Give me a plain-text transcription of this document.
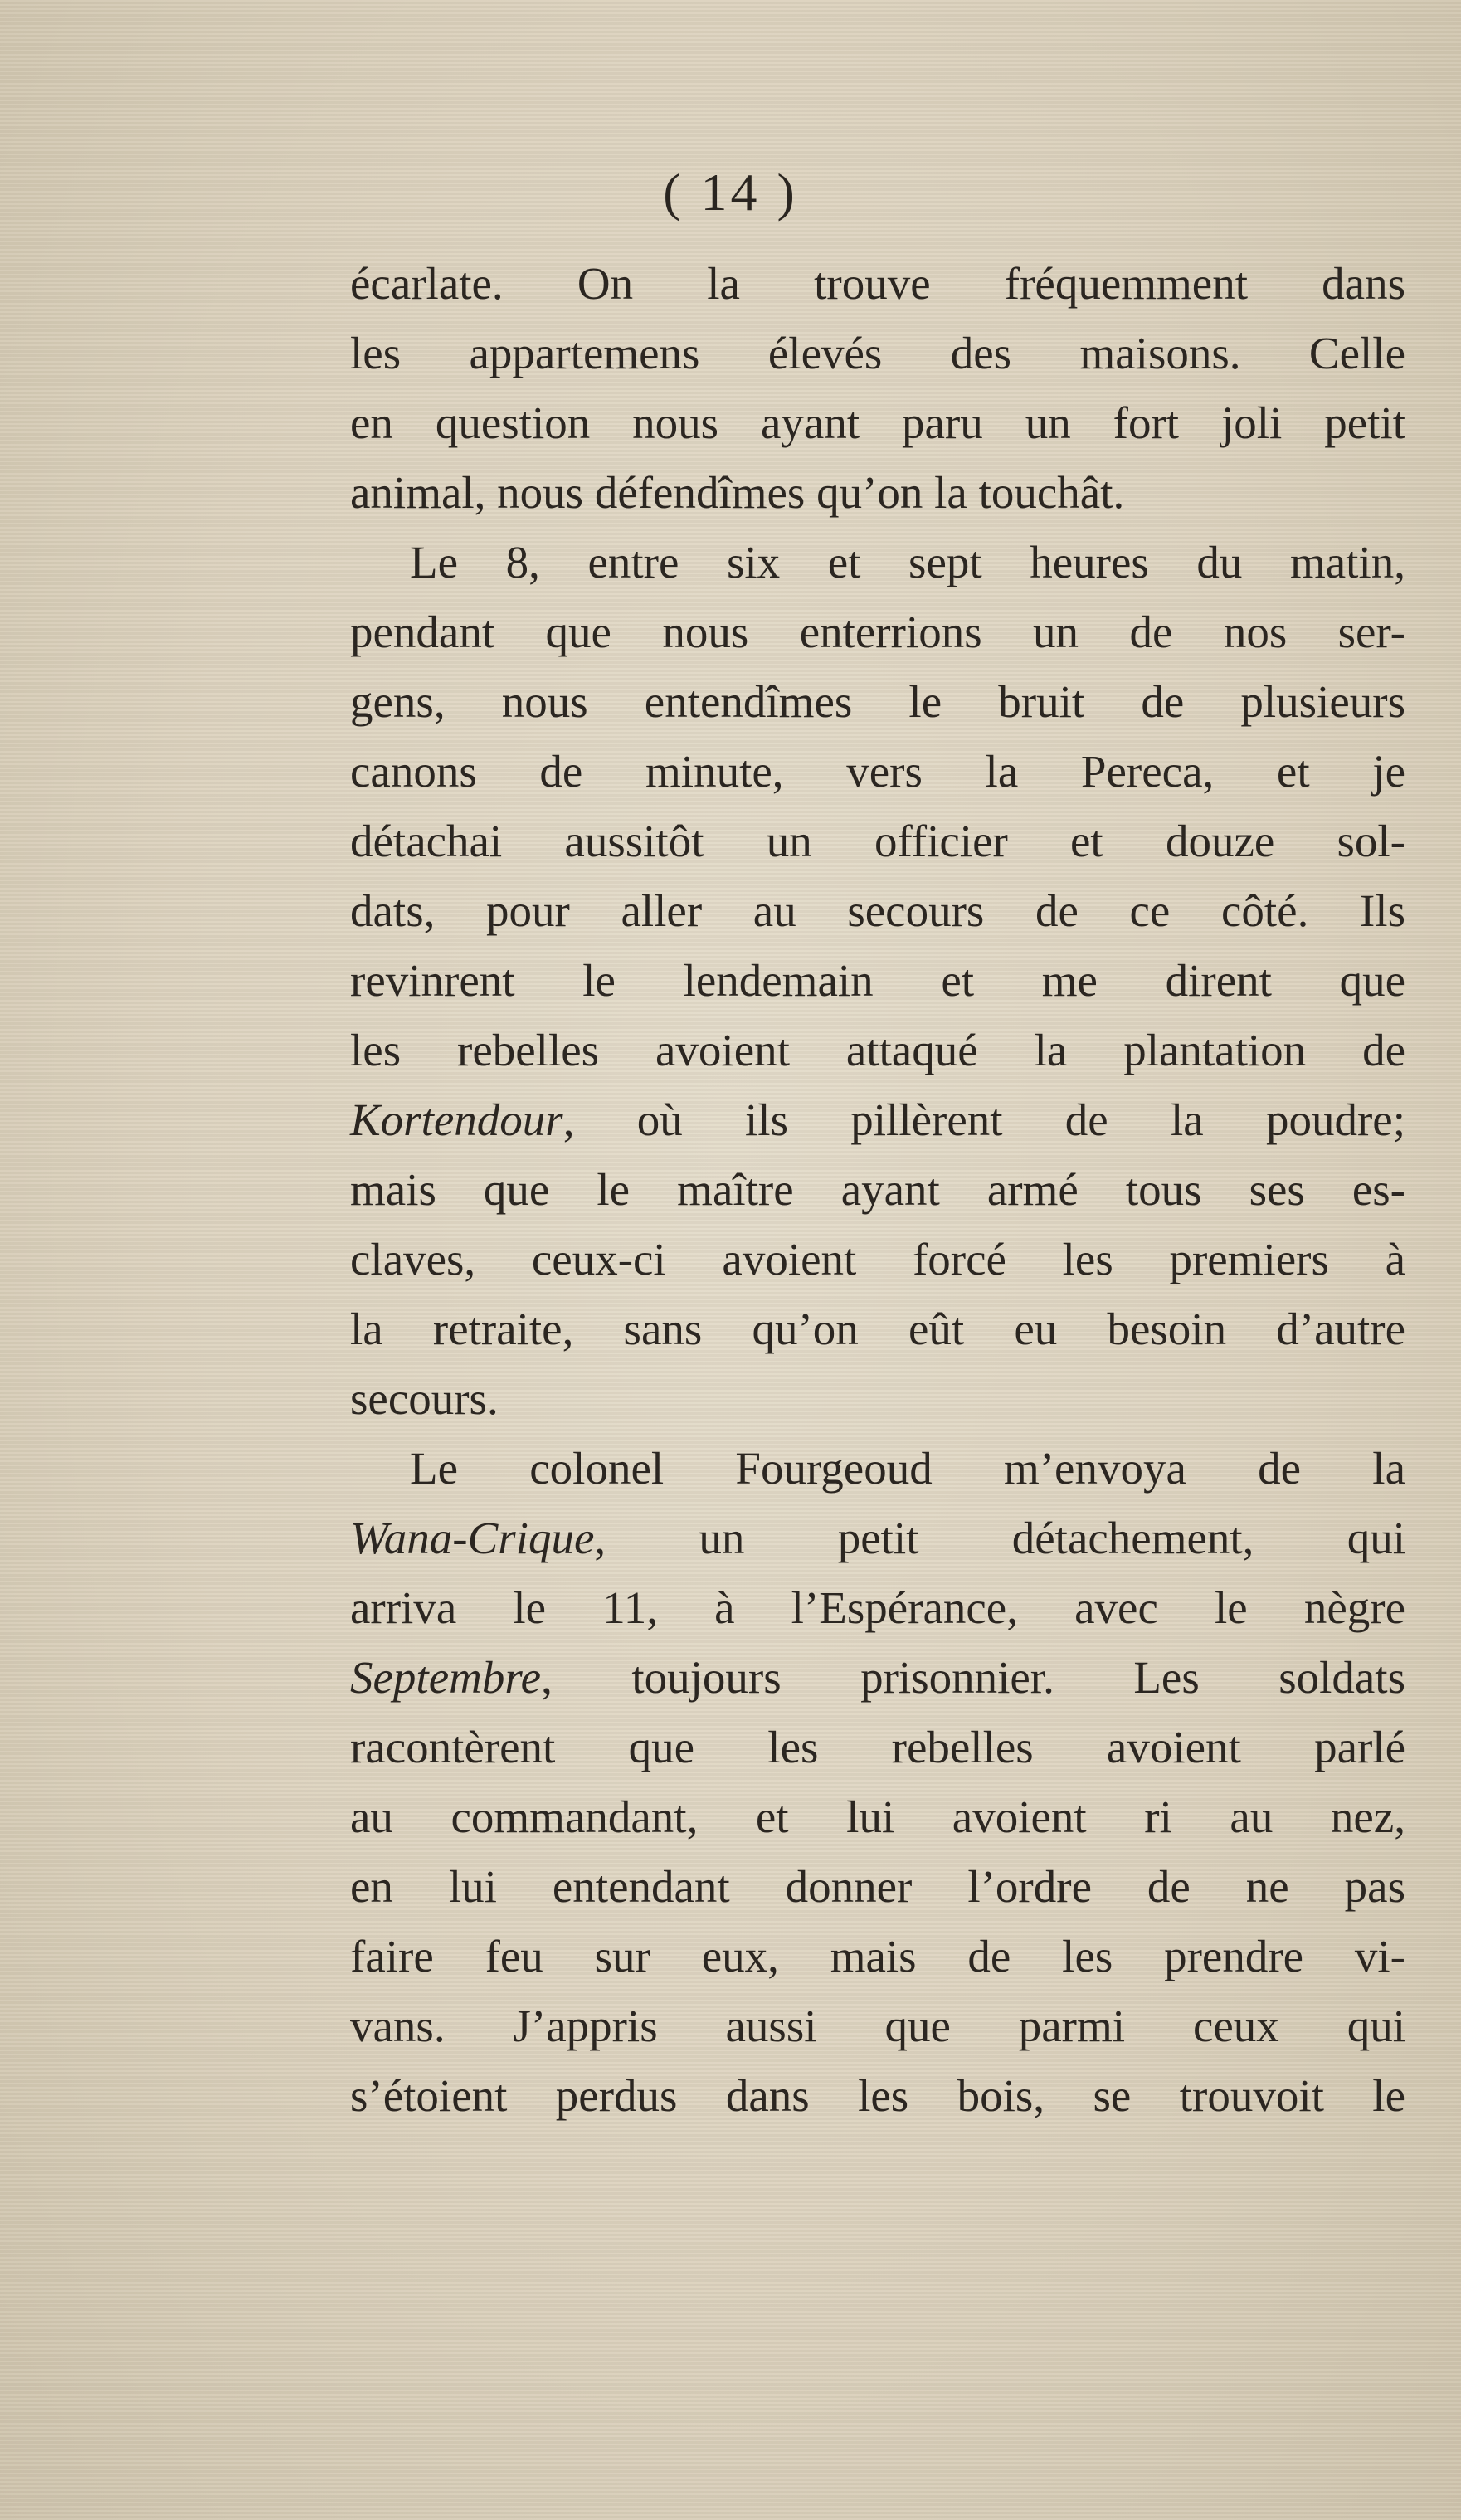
( 14 )
écarlate. On la trouve fréquemment dans
les appartemens élevés des maisons. Celle
en question nous ayant paru un fort joli petit
animal, nous défendîmes qu’on la touchât.
Le 8, entre six et sept heures du matin,
pendant que nous enterrions un de nos ser-
gens, nous entendîmes le bruit de plusieurs
canons de minute, vers la Pereca, et je
détachai aussitôt un officier et douze sol-
dats, pour aller au secours de ce côté. Ils
revinrent le lendemain et me dirent que
les rebelles avoient attaqué la plantation de
Kortendour, où ils pillèrent de la poudre;
mais que le maître ayant armé tous ses es-
claves, ceux-ci avoient forcé les premiers à
la retraite, sans qu’on eût eu besoin d’autre
secours.
Le colonel Fourgeoud m’envoya de la
Wana-Crique, un petit détachement, qui
arriva le 11, à l’Espérance, avec le nègre
Septembre, toujours prisonnier. Les soldats
racontèrent que les rebelles avoient parlé
au commandant, et lui avoient ri au nez,
en lui entendant donner l’ordre de ne pas
faire feu sur eux, mais de les prendre vi-
vans. J’appris aussi que parmi ceux qui
s’étoient perdus dans les bois, se trouvoit le
